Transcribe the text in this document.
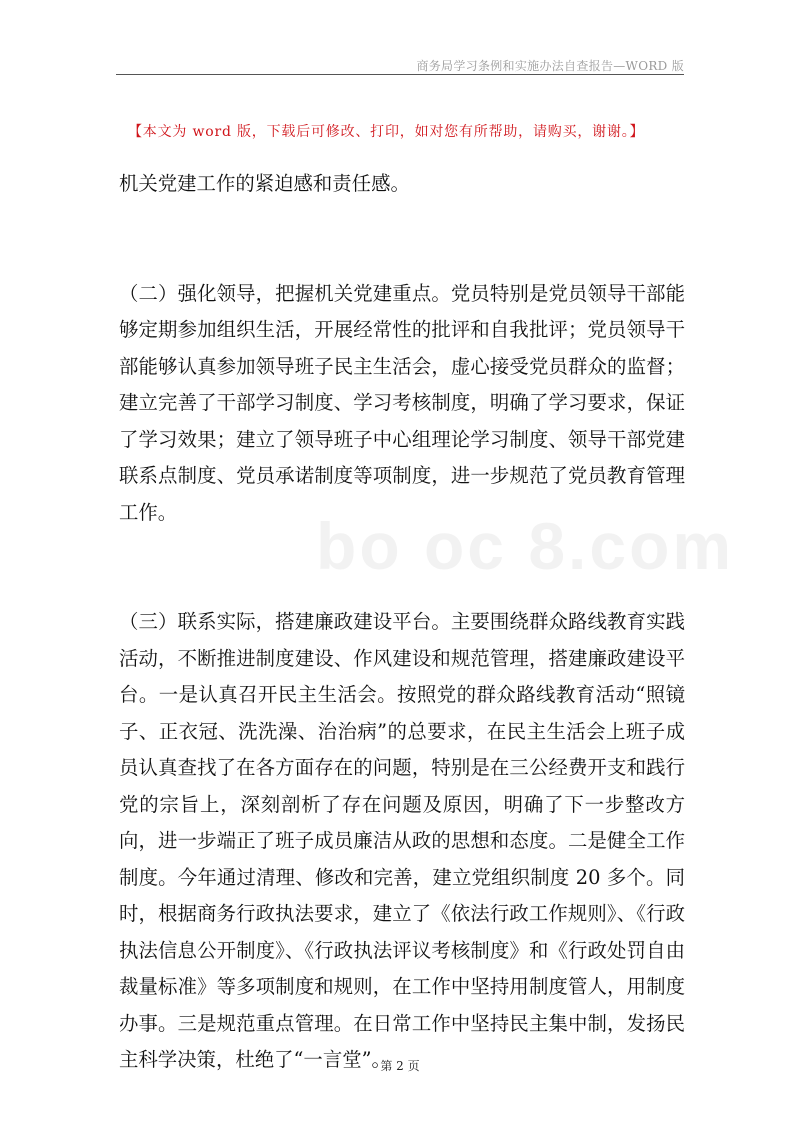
商务局学习条例和实施办法自查报告—WORD 版
【本文为 word 版，下载后可修改、打印，如对您有所帮助，请购买，谢谢。】
bo oc 8.com

机关党建工作的紧迫感和责任感。

（二）强化领导，把握机关党建重点。党员特别是党员领导干部能够定期参加组织生活，开展经常性的批评和自我批评；党员领导干部能够认真参加领导班子民主生活会，虚心接受党员群众的监督；建立完善了干部学习制度、学习考核制度，明确了学习要求，保证了学习效果；建立了领导班子中心组理论学习制度、领导干部党建联系点制度、党员承诺制度等项制度，进一步规范了党员教育管理工作。

（三）联系实际，搭建廉政建设平台。主要围绕群众路线教育实践活动，不断推进制度建设、作风建设和规范管理，搭建廉政建设平台。一是认真召开民主生活会。按照党的群众路线教育活动“照镜子、正衣冠、洗洗澡、治治病”的总要求，在民主生活会上班子成员认真查找了在各方面存在的问题，特别是在三公经费开支和践行党的宗旨上，深刻剖析了存在问题及原因，明确了下一步整改方向，进一步端正了班子成员廉洁从政的思想和态度。二是健全工作制度。今年通过清理、修改和完善，建立党组织制度 20 多个。同时，根据商务行政执法要求，建立了《依法行政工作规则》、《行政执法信息公开制度》、《行政执法评议考核制度》和《行政处罚自由裁量标准》等多项制度和规则，在工作中坚持用制度管人，用制度办事。三是规范重点管理。在日常工作中坚持民主集中制，发扬民主科学决策，杜绝了“一言堂”。

第 2 页
